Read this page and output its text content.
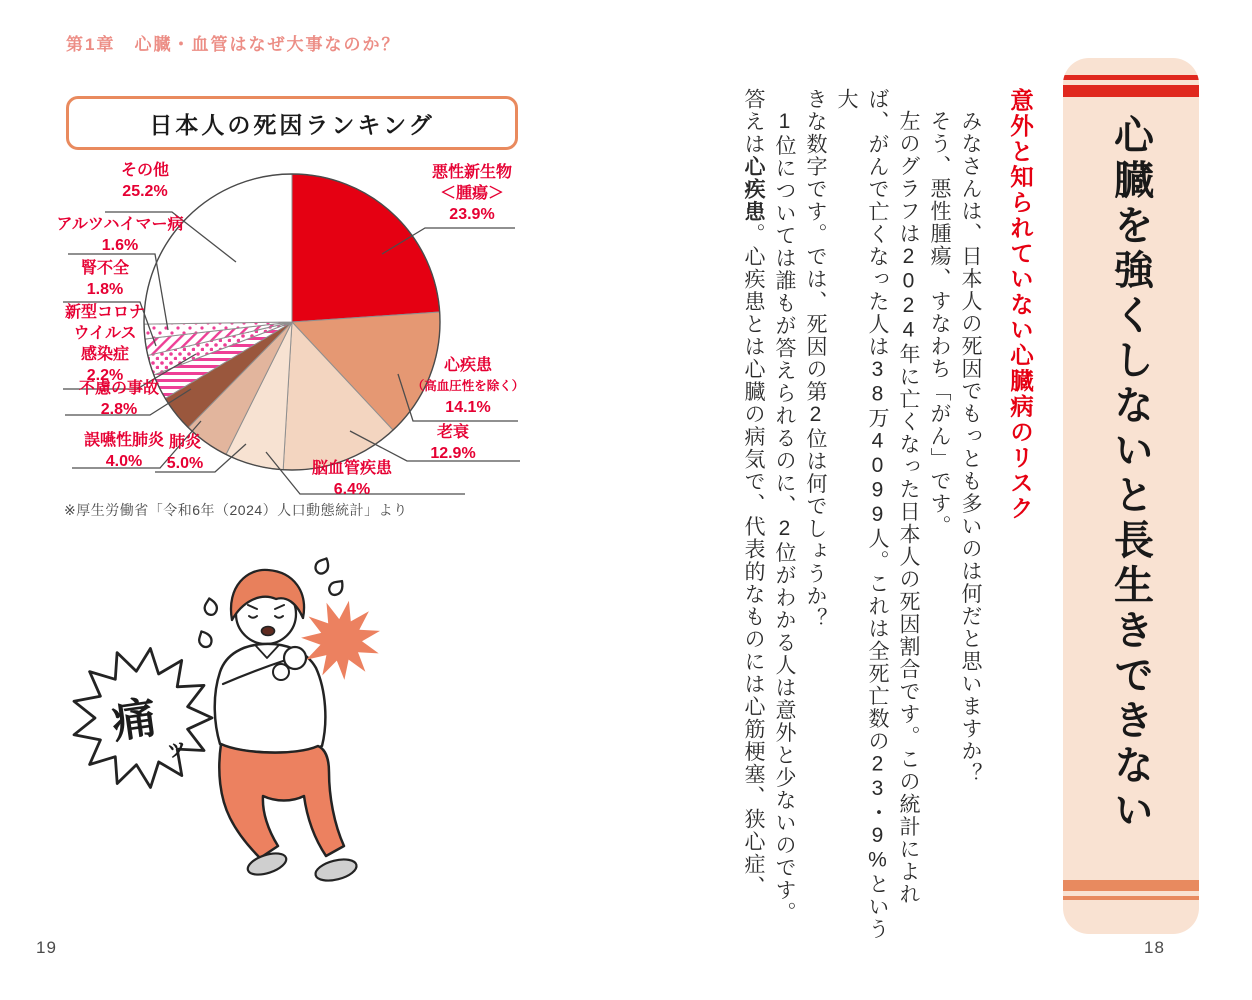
第1章　心臓・血管はなぜ大事なのか？
日本人の死因ランキング
悪性新生物
＜腫瘍＞
23.9%
心疾患
（高血圧性を除く）
14.1%
老衰
12.9%
脳血管疾患
6.4%
肺炎
5.0%
誤嚥性肺炎
4.0%
不慮の事故
2.8%
新型コロナ
ウイルス
感染症
2.2%
腎不全
1.8%
アルツハイマー病
1.6%
その他
25.2%
※厚生労働省「令和6年（2024）人口動態統計」より
痛
ッ
19
心臓を強くしないと長生きできない
意外と知られていない心臓病のリスク
みなさんは、日本人の死因でもっとも多いのは何だと思いますか？
そう、悪性腫瘍、すなわち「がん」です。
左のグラフは2024年に亡くなった日本人の死因割合です。この統計によれ
ば、がんで亡くなった人は38万4099人。これは全死亡数の23・9%という大
きな数字です。では、死因の第2位は何でしょうか？
1位については誰もが答えられるのに、2位がわかる人は意外と少ないのです。
答えは心疾患。心疾患とは心臓の病気で、代表的なものには心筋梗塞、狭心症、
18
